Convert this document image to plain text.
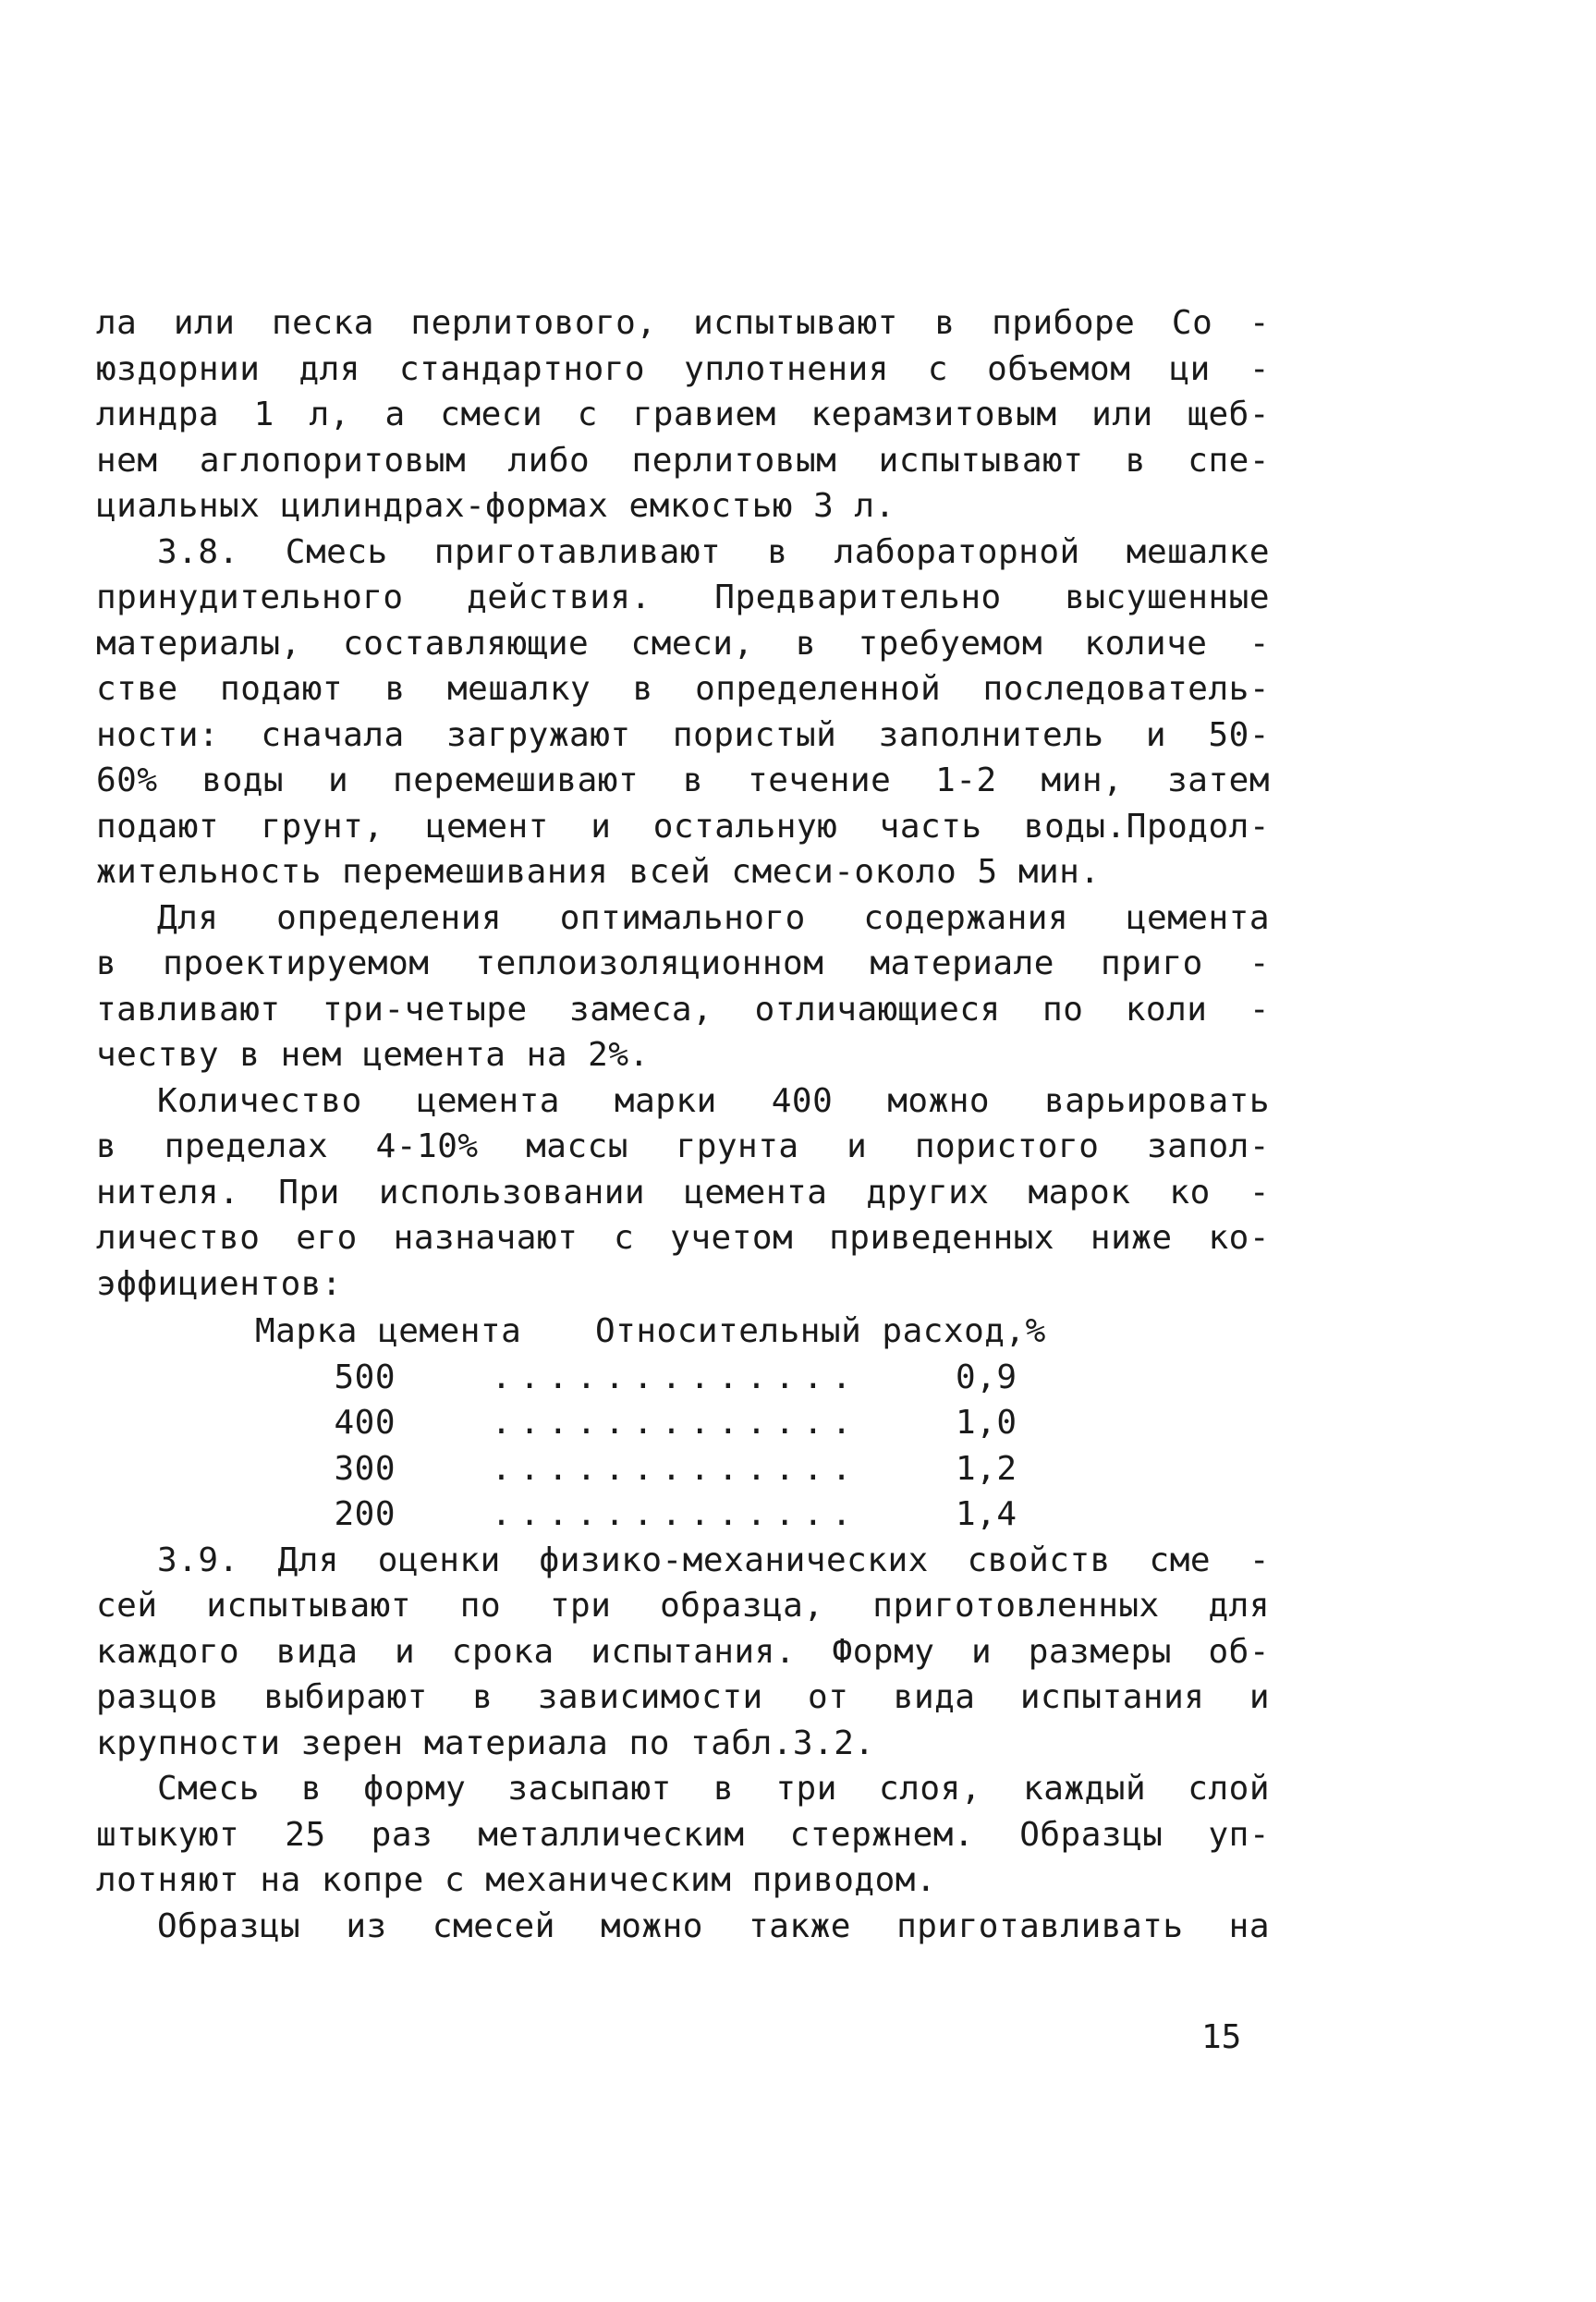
ла или песка перлитового, испытывают в приборе Со -
юздорнии для стандартного уплотнения с объемом ци -
линдра 1 л, а смеси с гравием керамзитовым или щеб-
нем аглопоритовым либо перлитовым испытывают в спе-
циальных цилиндрах-формах емкостью 3 л.
3.8. Смесь приготавливают в лабораторной мешалке
принудительного действия. Предварительно высушенные
материалы, составляющие смеси, в требуемом количе -
стве подают в мешалку в определенной последователь-
ности: сначала загружают пористый заполнитель и 50-
60% воды и перемешивают в течение 1-2 мин, затем
подают грунт, цемент и остальную часть воды.Продол-
жительность перемешивания всей смеси-около 5 мин.
Для определения оптимального содержания цемента
в проектируемом теплоизоляционном материале приго -
тавливают три-четыре замеса, отличающиеся по коли -
честву в нем цемента на 2%.
Количество цемента марки 400 можно варьировать
в пределах 4-10% массы грунта и пористого запол-
нителя. При использовании цемента других марок ко -
личество его назначают с учетом приведенных ниже ко-
эффициентов:
Марка цемента	Относительный расход,%
500	.............	0,9
400	.............	1,0
300	.............	1,2
200	.............	1,4
3.9. Для оценки физико-механических свойств сме -
сей испытывают по три образца, приготовленных для
каждого вида и срока испытания. Форму и размеры об-
разцов выбирают в зависимости от вида испытания и
крупности зерен материала по табл.3.2.
Смесь в форму засыпают в три слоя, каждый слой
штыкуют 25 раз металлическим стержнем. Образцы уп-
лотняют на копре с механическим приводом.
Образцы из смесей можно также приготавливать на
15
